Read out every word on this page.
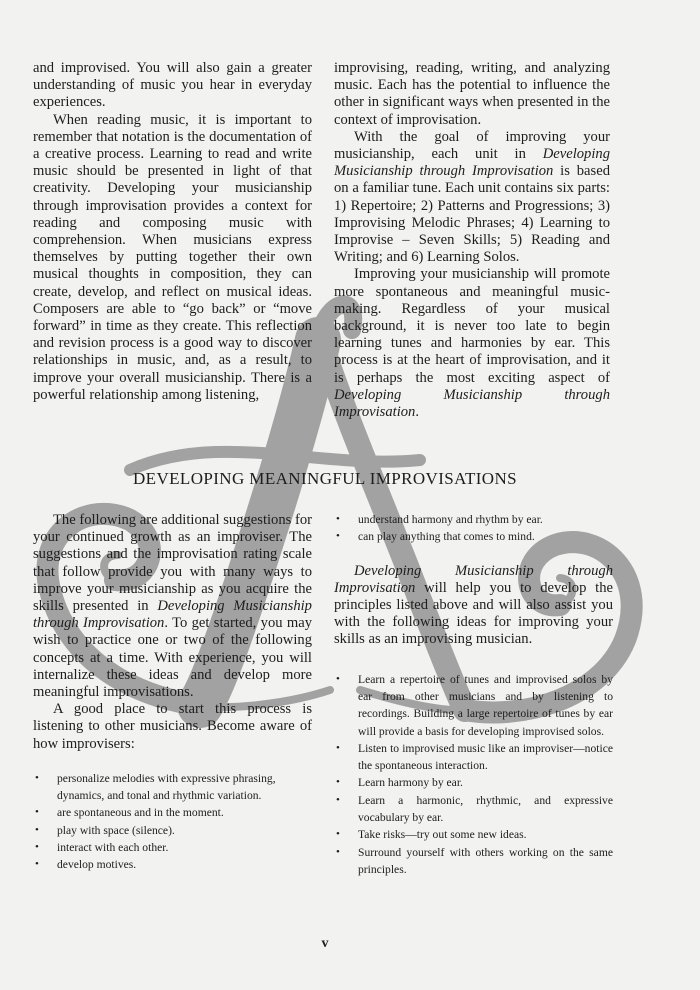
and improvised. You will also gain a greater understanding of music you hear in everyday experiences.

When reading music, it is important to remember that notation is the documentation of a creative process. Learning to read and write music should be presented in light of that creativity. Developing your musicianship through improvisation provides a context for reading and composing music with comprehension. When musicians express themselves by putting together their own musical thoughts in composition, they can create, develop, and reflect on musical ideas. Composers are able to “go back” or “move forward” in time as they create. This reflection and revision process is a good way to discover relationships in music, and, as a result, to improve your overall musicianship. There is a powerful relationship among listening,

improvising, reading, writing, and analyzing music. Each has the potential to influence the other in significant ways when presented in the context of improvisation.

With the goal of improving your musicianship, each unit in Developing Musicianship through Improvisation is based on a familiar tune. Each unit contains six parts: 1) Repertoire; 2) Patterns and Progressions; 3) Improvising Melodic Phrases; 4) Learning to Improvise – Seven Skills; 5) Reading and Writing; and 6) Learning Solos.

Improving your musicianship will promote more spontaneous and meaningful music-making. Regardless of your musical background, it is never too late to begin learning tunes and harmonies by ear. This process is at the heart of improvisation, and it is perhaps the most exciting aspect of Developing Musicianship through Improvisation.

DEVELOPING MEANINGFUL IMPROVISATIONS

The following are additional suggestions for your continued growth as an improviser. The suggestions and the improvisation rating scale that follow provide you with many ways to improve your musicianship as you acquire the skills presented in Developing Musicianship through Improvisation. To get started, you may wish to practice one or two of the following concepts at a time. With experience, you will internalize these ideas and develop more meaningful improvisations.

A good place to start this process is listening to other musicians. Become aware of how improvisers:

• personalize melodies with expressive phrasing, dynamics, and tonal and rhythmic variation.
• are spontaneous and in the moment.
• play with space (silence).
• interact with each other.
• develop motives.
• understand harmony and rhythm by ear.
• can play anything that comes to mind.

Developing Musicianship through Improvisation will help you to develop the principles listed above and will also assist you with the following ideas for improving your skills as an improvising musician.

• Learn a repertoire of tunes and improvised solos by ear from other musicians and by listening to recordings. Building a large repertoire of tunes by ear will provide a basis for developing improvised solos.
• Listen to improvised music like an improviser—notice the spontaneous interaction.
• Learn harmony by ear.
• Learn a harmonic, rhythmic, and expressive vocabulary by ear.
• Take risks—try out some new ideas.
• Surround yourself with others working on the same principles.
v
